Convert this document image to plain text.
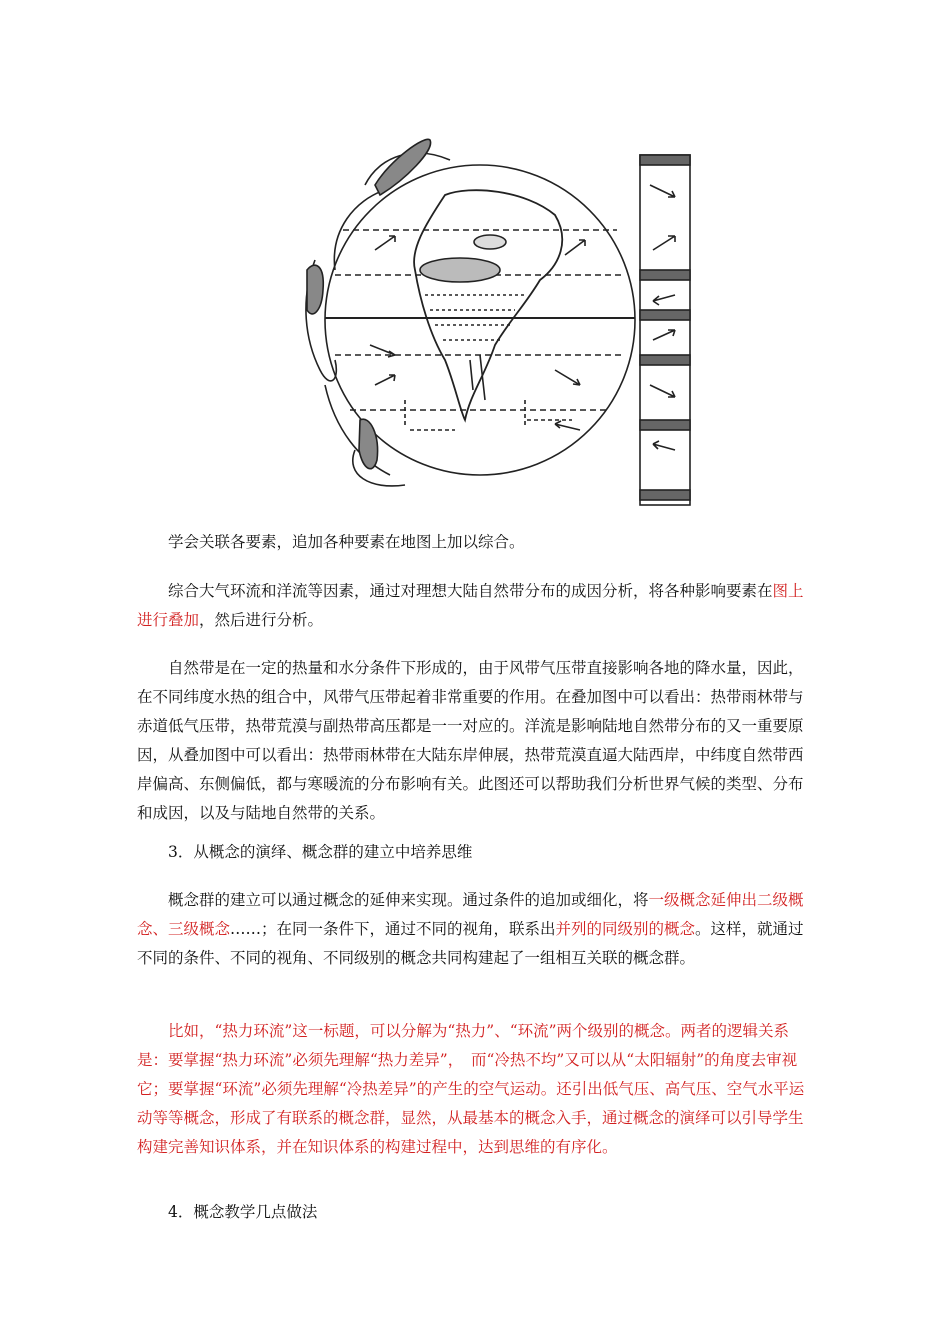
学会关联各要素，追加各种要素在地图上加以综合。
综合大气环流和洋流等因素，通过对理想大陆自然带分布的成因分析，将各种影响要素在图上进行叠加，然后进行分析。
自然带是在一定的热量和水分条件下形成的，由于风带气压带直接影响各地的降水量，因此，在不同纬度水热的组合中，风带气压带起着非常重要的作用。在叠加图中可以看出：热带雨林带与赤道低气压带，热带荒漠与副热带高压都是一一对应的。洋流是影响陆地自然带分布的又一重要原因，从叠加图中可以看出：热带雨林带在大陆东岸伸展，热带荒漠直逼大陆西岸，中纬度自然带西岸偏高、东侧偏低，都与寒暖流的分布影响有关。此图还可以帮助我们分析世界气候的类型、分布和成因，以及与陆地自然带的关系。
3．从概念的演绎、概念群的建立中培养思维
概念群的建立可以通过概念的延伸来实现。通过条件的追加或细化，将一级概念延伸出二级概念、三级概念……；在同一条件下，通过不同的视角，联系出并列的同级别的概念。这样，就通过不同的条件、不同的视角、不同级别的概念共同构建起了一组相互关联的概念群。
比如，“热力环流”这一标题，可以分解为“热力”、“环流”两个级别的概念。两者的逻辑关系是：要掌握“热力环流”必须先理解“热力差异”，　而“冷热不均”又可以从“太阳辐射”的角度去审视它；要掌握“环流”必须先理解“冷热差异”的产生的空气运动。还引出低气压、高气压、空气水平运动等等概念，形成了有联系的概念群，显然，从最基本的概念入手，通过概念的演绎可以引导学生构建完善知识体系，并在知识体系的构建过程中，达到思维的有序化。
4．概念教学几点做法
